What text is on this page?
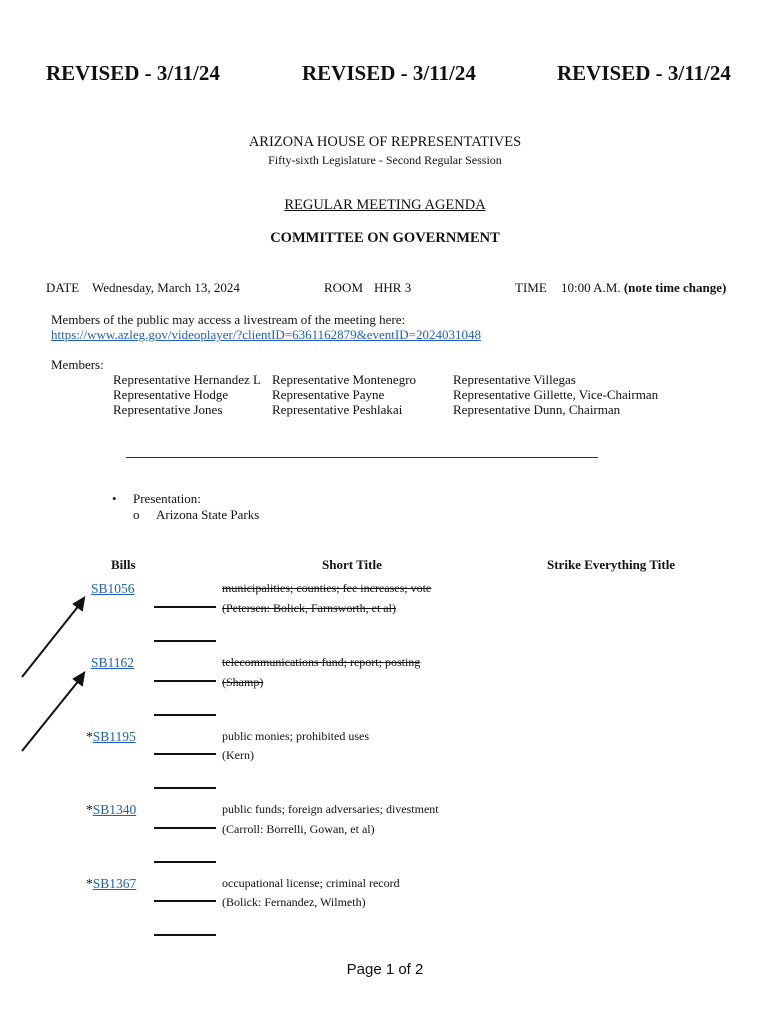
REVISED - 3/11/24	REVISED - 3/11/24	REVISED - 3/11/24
ARIZONA HOUSE OF REPRESENTATIVES
Fifty-sixth Legislature - Second Regular Session
REGULAR MEETING AGENDA
COMMITTEE ON GOVERNMENT
DATE Wednesday, March 13, 2024	ROOM HHR 3	TIME 10:00 A.M. (note time change)
Members of the public may access a livestream of the meeting here:
https://www.azleg.gov/videoplayer/?clientID=6361162879&eventID=2024031048
Members:
Representative Hernandez L
Representative Hodge
Representative Jones
Representative Montenegro
Representative Payne
Representative Peshlakai
Representative Villegas
Representative Gillette, Vice-Chairman
Representative Dunn, Chairman
• Presentation:
o Arizona State Parks
Bills	Short Title	Strike Everything Title
SB1056	municipalities; counties; fee increases; vote
(Petersen: Bolick, Farnsworth, et al)
SB1162	telecommunications fund; report; posting
(Shamp)
*SB1195	public monies; prohibited uses
(Kern)
*SB1340	public funds; foreign adversaries; divestment
(Carroll: Borrelli, Gowan, et al)
*SB1367	occupational license; criminal record
(Bolick: Fernandez, Wilmeth)
Page 1 of 2
